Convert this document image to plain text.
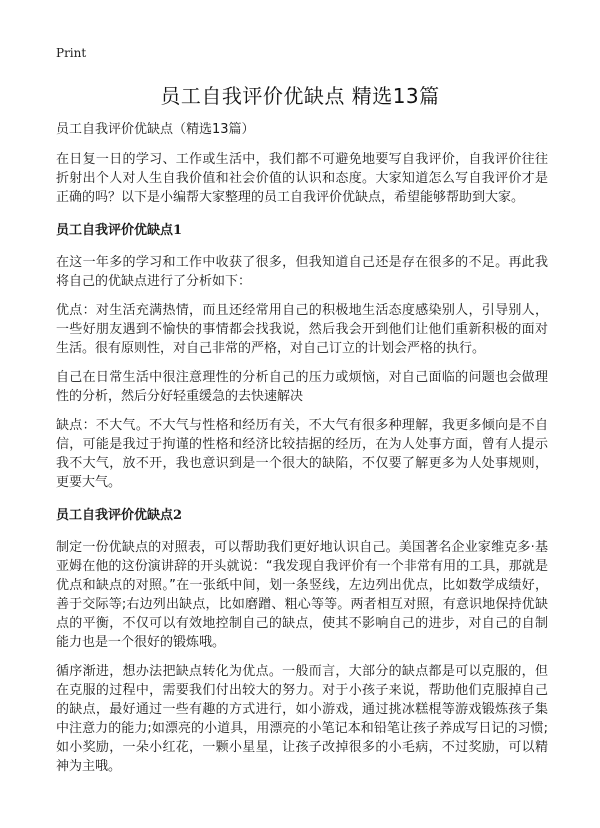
Print
员工自我评价优缺点 精选13篇

员工自我评价优缺点（精选13篇）

在日复一日的学习、工作或生活中，我们都不可避免地要写自我评价，自我评价往往折射出个人对人生自我价值和社会价值的认识和态度。大家知道怎么写自我评价才是正确的吗？以下是小编帮大家整理的员工自我评价优缺点，希望能够帮助到大家。

员工自我评价优缺点1

在这一年多的学习和工作中收获了很多，但我知道自己还是存在很多的不足。再此我将自己的优缺点进行了分析如下：

优点：对生活充满热情，而且还经常用自己的积极地生活态度感染别人，引导别人，一些好朋友遇到不愉快的事情都会找我说，然后我会开到他们让他们重新积极的面对生活。很有原则性，对自己非常的严格，对自己订立的计划会严格的执行。

自己在日常生活中很注意理性的分析自己的压力或烦恼，对自己面临的问题也会做理性的分析，然后分好轻重缓急的去快速解决

缺点：不大气。不大气与性格和经历有关，不大气有很多种理解，我更多倾向是不自信，可能是我过于拘谨的性格和经济比较拮据的经历，在为人处事方面，曾有人提示我不大气，放不开，我也意识到是一个很大的缺陷，不仅要了解更多为人处事规则，更要大气。

员工自我评价优缺点2

制定一份优缺点的对照表，可以帮助我们更好地认识自己。美国著名企业家维克多·基亚姆在他的这份演讲辞的开头就说：“我发现自我评价有一个非常有用的工具，那就是优点和缺点的对照。”在一张纸中间，划一条竖线，左边列出优点，比如数学成绩好，善于交际等;右边列出缺点，比如磨蹭、粗心等等。两者相互对照，有意识地保持优缺点的平衡，不仅可以有效地控制自己的缺点，使其不影响自己的进步，对自己的自制能力也是一个很好的锻炼哦。

循序渐进，想办法把缺点转化为优点。一般而言，大部分的缺点都是可以克服的，但在克服的过程中，需要我们付出较大的努力。对于小孩子来说，帮助他们克服掉自己的缺点，最好通过一些有趣的方式进行，如小游戏，通过挑冰糕棍等游戏锻炼孩子集中注意力的能力;如漂亮的小道具，用漂亮的小笔记本和铅笔让孩子养成写日记的习惯;如小奖励，一朵小红花，一颗小星星，让孩子改掉很多的小毛病，不过奖励，可以精神为主哦。
